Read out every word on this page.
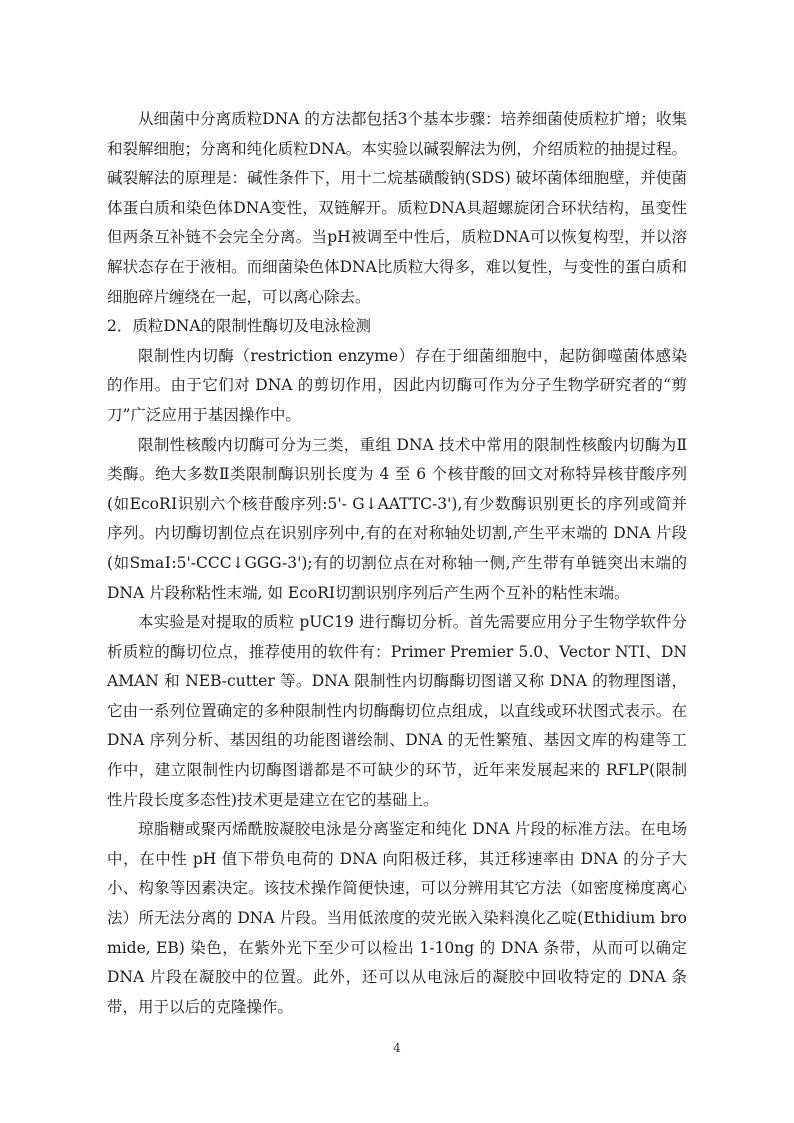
从细菌中分离质粒DNA 的方法都包括3个基本步骤：培养细菌使质粒扩增；收集和裂解细胞；分离和纯化质粒DNA。本实验以碱裂解法为例，介绍质粒的抽提过程。碱裂解法的原理是：碱性条件下，用十二烷基磺酸钠(SDS) 破坏菌体细胞壁，并使菌体蛋白质和染色体DNA变性，双链解开。质粒DNA具超螺旋闭合环状结构，虽变性但两条互补链不会完全分离。当pH被调至中性后，质粒DNA可以恢复构型，并以溶解状态存在于液相。而细菌染色体DNA比质粒大得多，难以复性，与变性的蛋白质和细胞碎片缠绕在一起，可以离心除去。

2．质粒DNA的限制性酶切及电泳检测

限制性内切酶（restriction enzyme）存在于细菌细胞中，起防御噬菌体感染的作用。由于它们对 DNA 的剪切作用，因此内切酶可作为分子生物学研究者的“剪刀”广泛应用于基因操作中。

限制性核酸内切酶可分为三类，重组 DNA 技术中常用的限制性核酸内切酶为Ⅱ类酶。绝大多数Ⅱ类限制酶识别长度为 4 至 6 个核苷酸的回文对称特异核苷酸序列(如EcoRⅠ识别六个核苷酸序列:5'- G↓AATTC-3'),有少数酶识别更长的序列或简并序列。内切酶切割位点在识别序列中,有的在对称轴处切割,产生平末端的 DNA 片段(如SmaⅠ:5'-CCC↓GGG-3');有的切割位点在对称轴一侧,产生带有单链突出末端的 DNA 片段称粘性末端, 如 EcoRⅠ切割识别序列后产生两个互补的粘性末端。

本实验是对提取的质粒 pUC19 进行酶切分析。首先需要应用分子生物学软件分析质粒的酶切位点，推荐使用的软件有：Primer Premier 5.0、Vector NTI、DNAMAN 和 NEB-cutter 等。DNA 限制性内切酶酶切图谱又称 DNA 的物理图谱，它由一系列位置确定的多种限制性内切酶酶切位点组成，以直线或环状图式表示。在 DNA 序列分析、基因组的功能图谱绘制、DNA 的无性繁殖、基因文库的构建等工作中，建立限制性内切酶图谱都是不可缺少的环节，近年来发展起来的 RFLP(限制性片段长度多态性)技术更是建立在它的基础上。

琼脂糖或聚丙烯酰胺凝胶电泳是分离鉴定和纯化 DNA 片段的标准方法。在电场中，在中性 pH 值下带负电荷的 DNA 向阳极迁移，其迁移速率由 DNA 的分子大小、构象等因素决定。该技术操作简便快速，可以分辨用其它方法（如密度梯度离心法）所无法分离的 DNA 片段。当用低浓度的荧光嵌入染料溴化乙啶(Ethidium bromide, EB) 染色，在紫外光下至少可以检出 1-10ng 的 DNA 条带，从而可以确定 DNA 片段在凝胶中的位置。此外，还可以从电泳后的凝胶中回收特定的 DNA 条带，用于以后的克隆操作。

4
